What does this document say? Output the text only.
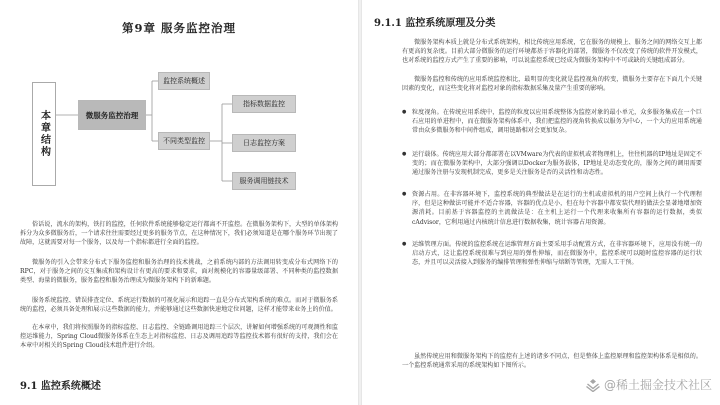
第9章 服务监控治理
本章结构	微服务监控治理
监控系统概述
不同类型监控
指标数据监控
日志监控方案
服务调用链技术

俗话说，流水的架构，铁打的监控，任何软件系统能够稳定运行都离不开监控。在微服务架构下，大型的单体架构拆分为众多微服务后，一个请求往往需要经过更多的服务节点，在这种情况下，我们必须知道是在哪个服务环节出现了故障，这就需要对每一个服务，以及每一个指标都进行全面的监控。

微服务的引入会带来分布式下服务监控和服务治理的技术挑战，之前系统内部的方法调用转变成分布式网络下的RPC，对于服务之间的交互集成和架构设计有更高的要求和要求，面对规模化的容器量级部署、不同种类的监控数据类型、海量的微服务，服务监控和服务治理成为微服务架构下的新难题。

服务系统监控、错误排查定位、系统运行数据的可视化展示和追踪一直是分布式架构系统的难点。而对于微服务系统的监控，必须具备处理和展示这些数据的能力，并能够通过这些数据快速地定位问题，这样才能带来业务上的价值。

在本章中，我们将按照服务的指标监控、日志监控、全链路调用追踪三个层次，讲解如何增强系统的可观测性和监控运维能力，Spring Cloud微服务体系在生态上对指标监控、日志及调用追踪等监控技术都有很好的支持，我们会在本章中对相关的Spring Cloud技术组件进行介绍。

9.1 监控系统概述
9.1.1 监控系统原理及分类

微服务架构本质上就是分布式系统架构，相比传统应用系统，它在服务的规模上、服务之间的网络交互上都有更高的复杂度。目前大部分微服务的运行环境都基于容器化的部署，微服务不仅改变了传统的软件开发模式，也对系统的监控方式产生了重要的影响，可以说监控系统已经成为微服务架构中不可或缺的关键组成部分。

微服务监控和传统的应用系统监控相比，最明显的变化就是监控视角的转变，微服务主要存在下面几个关键因素的变化，而这些变化将对监控对象的指标数据采集及量产生重要的影响。

● 粒度视角。在传统应用系统中，监控的粒度以应用系统整体为监控对象的最小单元，众多服务集成在一个巨石应用的单进程中，而在微服务架构体系中，我们把监控的视角转换成以服务为中心，一个大的应用系统通常由众多微服务和中间件组成，调用链路相对会更加复杂。
● 运行载体。传统应用大部分都部署在以VMware为代表的虚拟机或者物理机上，往往机器的IP地址是固定不变的；而在微服务架构中，大部分强调以Docker为服务载体，IP地址是动态变化的，服务之间的调用需要通过服务注册与发现机制完成，更多是关注服务是否的灵活性和动态性。
● 资源占用。在非容器环境下，监控系统的典型做法是在运行的主机或虚拟机的用户空间上执行一个代理程序，但是这种做法可能并不适合容器，容器的优点是小，但在每个容器中都安装代理的做法会显著地增加资源消耗。目前基于容器监控的主流做法是：在主机上运行一个代理来收集所有容器的运行数据，类似cAdvisor，它利用通过内核统计信息进行数据收集，统计容器占用资源。
● 运维管理方面。传统的监控系统在运维管理方面主要采用手动配置方式，在非容器环境下，应用没有统一的启动方式，这让监控系统很难与到应用的弹性伸缩，而在微服务中，监控系统可以随时监控容器的运行状态，并且可以灵活接入到服务的编排管理和弹性伸缩与熔断等管理，无需人工干预。

虽然传统应用和微服务架构下的监控有上述的诸多不同点，但是整体上监控原理和监控架构体系是相似的。一个监控系统通常采用的系统架构如下图所示。

@稀土掘金技术社区
